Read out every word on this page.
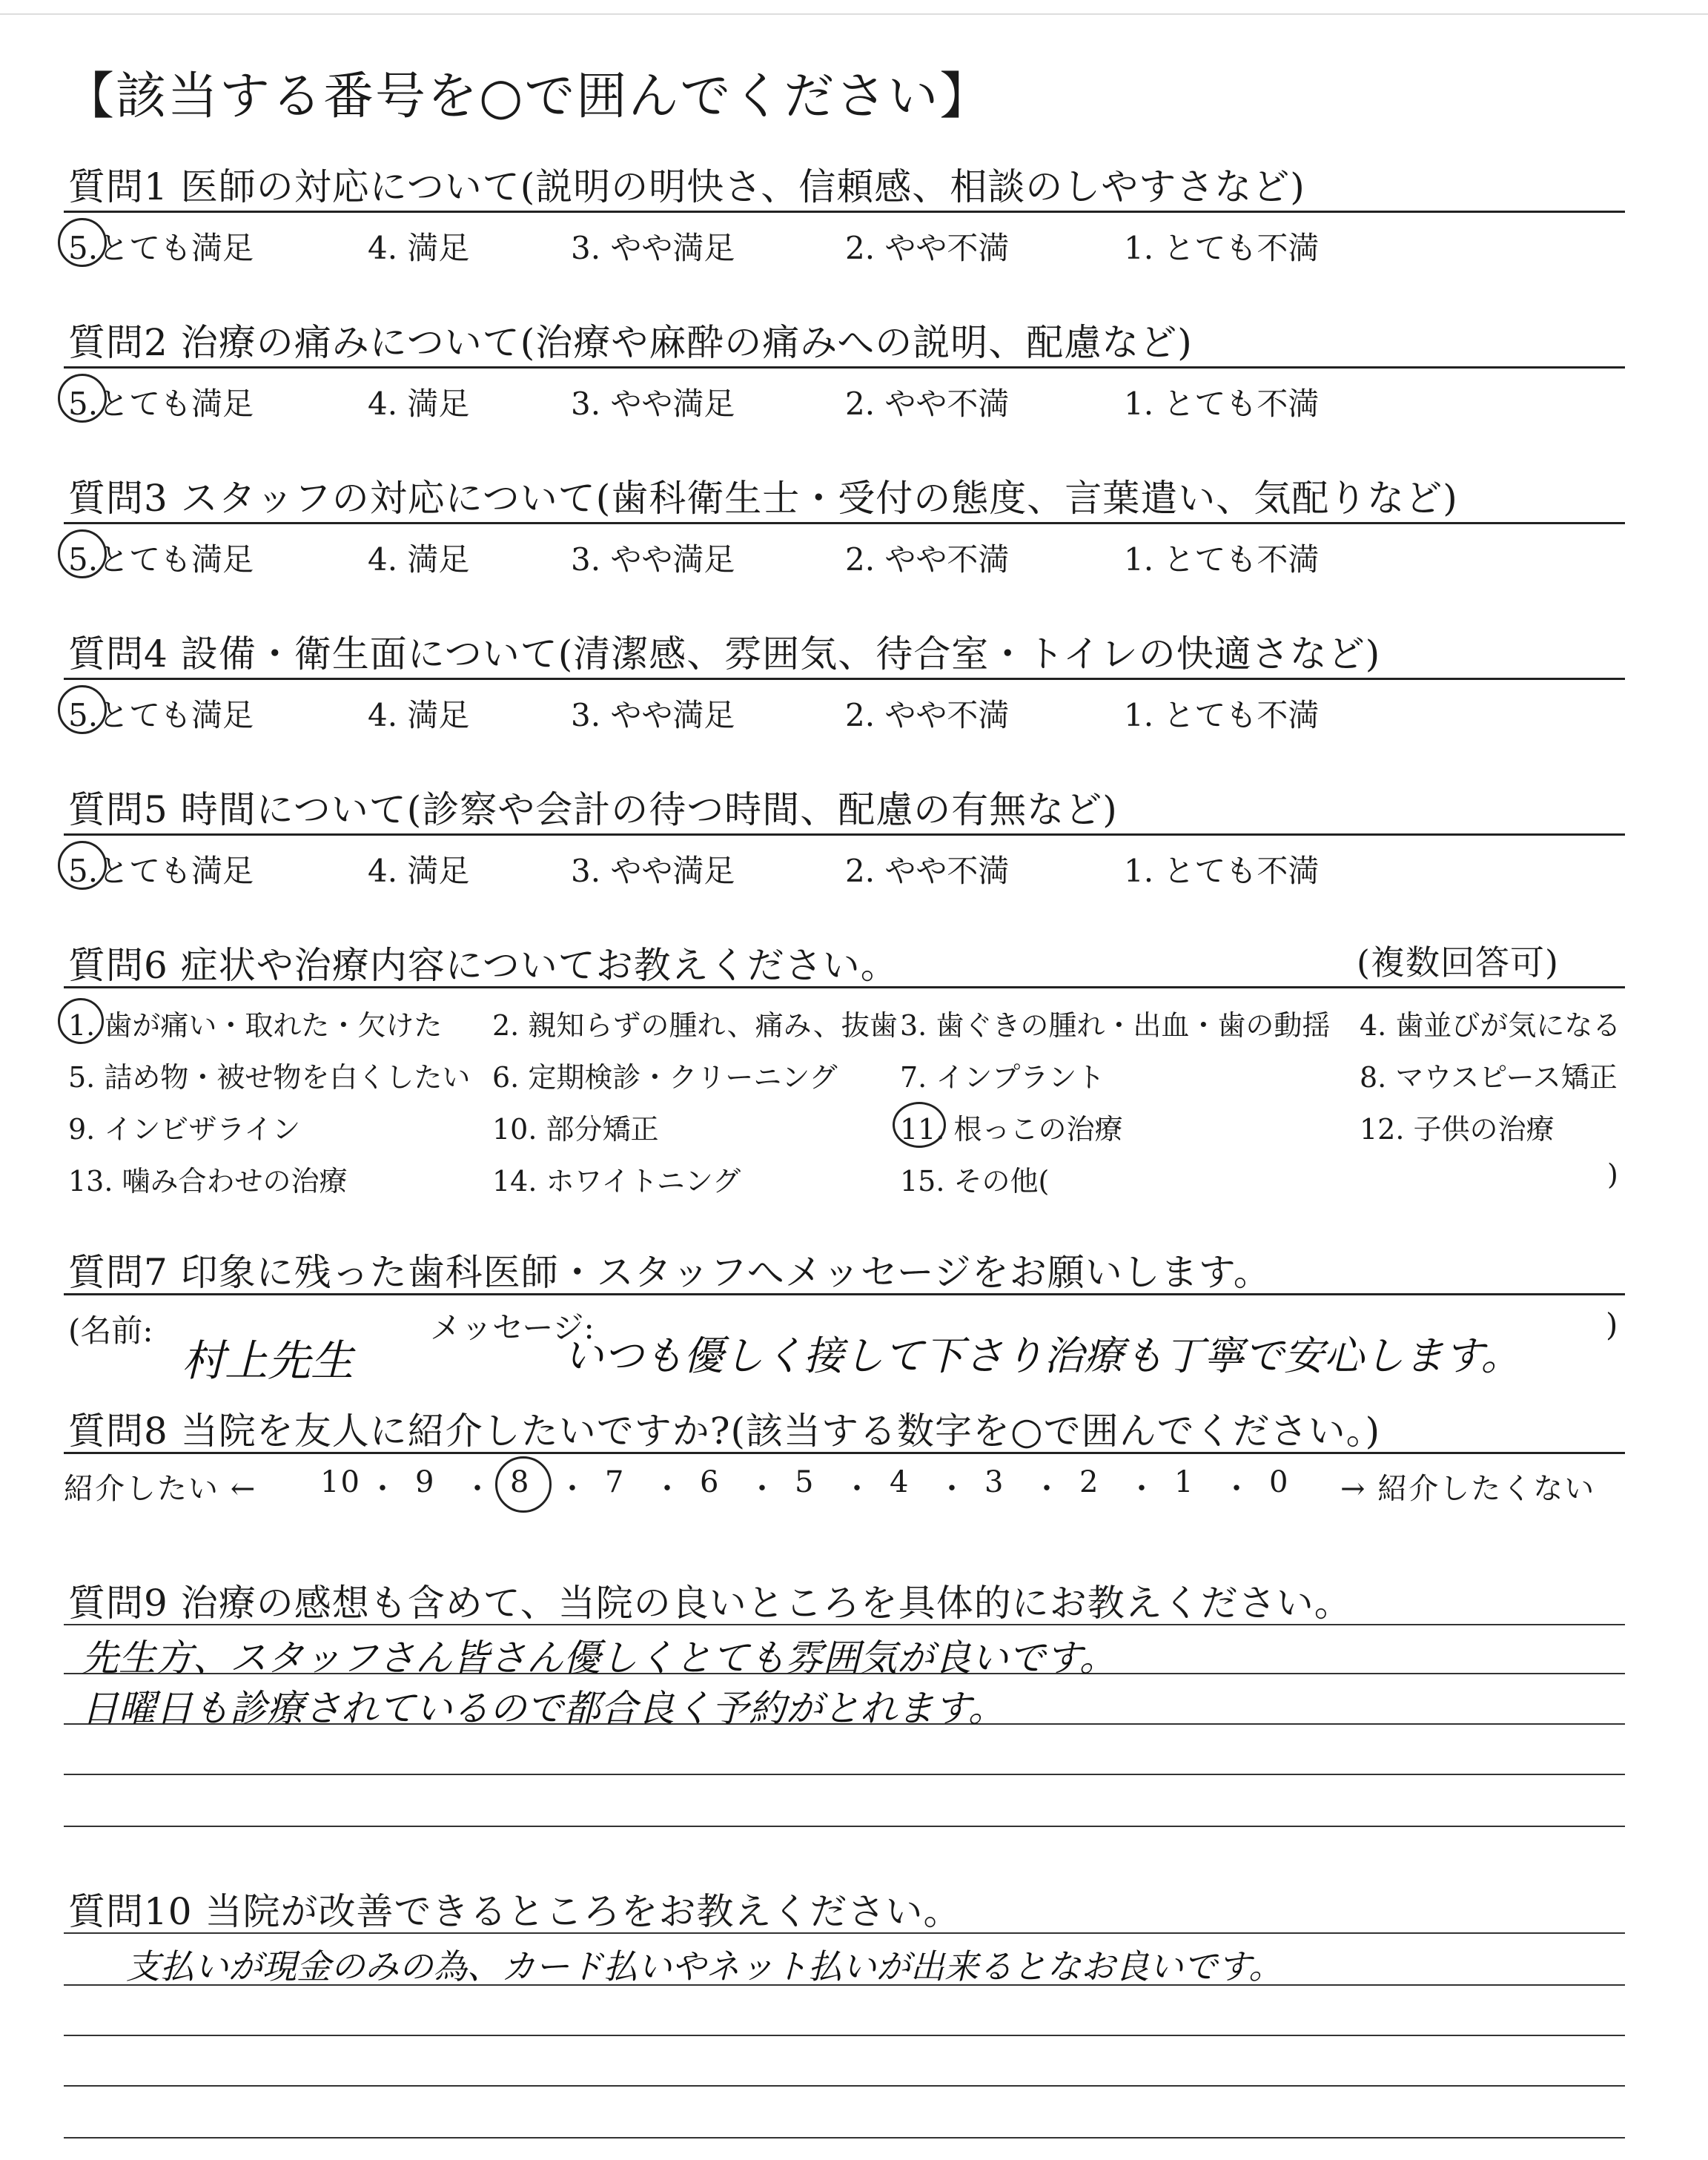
【該当する番号を○で囲んでください】
質問1 医師の対応について(説明の明快さ、信頼感、相談のしやすさなど)
5.とても満足	4. 満足	3. やや満足	2. やや不満	1. とても不満
質問2 治療の痛みについて(治療や麻酔の痛みへの説明、配慮など)
5.とても満足	4. 満足	3. やや満足	2. やや不満	1. とても不満
質問3 スタッフの対応について(歯科衛生士・受付の態度、言葉遣い、気配りなど)
5.とても満足	4. 満足	3. やや満足	2. やや不満	1. とても不満
質問4 設備・衛生面について(清潔感、雰囲気、待合室・トイレの快適さなど)
5.とても満足	4. 満足	3. やや満足	2. やや不満	1. とても不満
質問5 時間について(診察や会計の待つ時間、配慮の有無など)
5.とても満足	4. 満足	3. やや満足	2. やや不満	1. とても不満
質問6 症状や治療内容についてお教えください。	(複数回答可)
1. 歯が痛い・取れた・欠けた 2. 親知らずの腫れ、痛み、抜歯 3. 歯ぐきの腫れ・出血・歯の動揺 4. 歯並びが気になる
5. 詰め物・被せ物を白くしたい 6. 定期検診・クリーニング 7. インプラント	8. マウスピース矯正
9. インビザライン	10. 部分矯正	11. 根っこの治療	12. 子供の治療
13. 噛み合わせの治療	14. ホワイトニング	15. その他(	)
質問7 印象に残った歯科医師・スタッフへメッセージをお願いします。
(名前:
村上先生
メッセージ:
いつも優しく接して下さり治療も丁寧で安心します。
)
質問8 当院を友人に紹介したいですか?(該当する数字を○で囲んでください。)
紹介したい ← 10 ・ 9 ・ 8 ・ 7 ・ 6 ・ 5 ・ 4 ・ 3 ・ 2 ・ 1 ・ 0 → 紹介したくない
質問9 治療の感想も含めて、当院の良いところを具体的にお教えください。
先生方、スタッフさん皆さん優しくとても雰囲気が良いです。
日曜日も診療されているので都合良く予約がとれます。
質問10 当院が改善できるところをお教えください。
支払いが現金のみの為、カード払いやネット払いが出来るとなお良いです。
